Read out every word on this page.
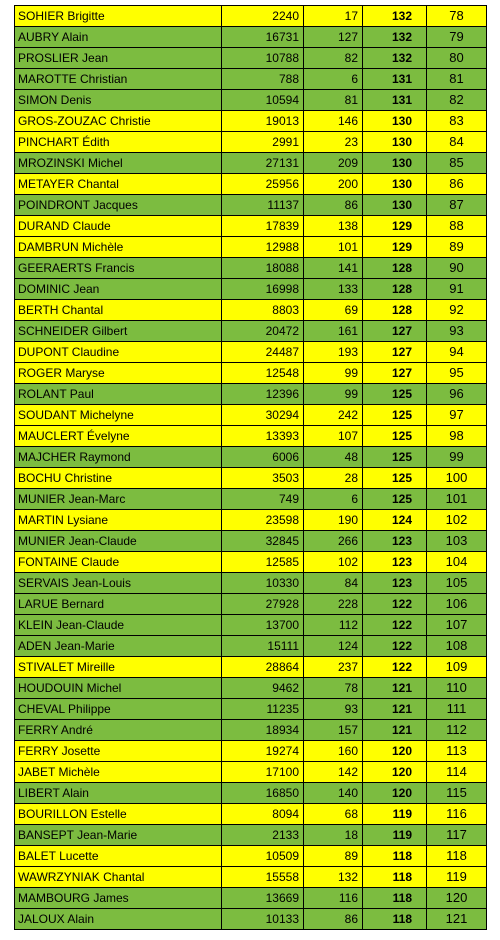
SOHIER Brigitte	2240	17	132	78
AUBRY Alain	16731	127	132	79
PROSLIER Jean	10788	82	132	80
MAROTTE Christian	788	6	131	81
SIMON Denis	10594	81	131	82
GROS-ZOUZAC Christie	19013	146	130	83
PINCHART Édith	2991	23	130	84
MROZINSKI Michel	27131	209	130	85
METAYER Chantal	25956	200	130	86
POINDRONT Jacques	11137	86	130	87
DURAND Claude	17839	138	129	88
DAMBRUN Michèle	12988	101	129	89
GEERAERTS Francis	18088	141	128	90
DOMINIC Jean	16998	133	128	91
BERTH Chantal	8803	69	128	92
SCHNEIDER Gilbert	20472	161	127	93
DUPONT Claudine	24487	193	127	94
ROGER Maryse	12548	99	127	95
ROLANT Paul	12396	99	125	96
SOUDANT Michelyne	30294	242	125	97
MAUCLERT Évelyne	13393	107	125	98
MAJCHER Raymond	6006	48	125	99
BOCHU Christine	3503	28	125	100
MUNIER Jean-Marc	749	6	125	101
MARTIN Lysiane	23598	190	124	102
MUNIER Jean-Claude	32845	266	123	103
FONTAINE Claude	12585	102	123	104
SERVAIS Jean-Louis	10330	84	123	105
LARUE Bernard	27928	228	122	106
KLEIN Jean-Claude	13700	112	122	107
ADEN Jean-Marie	15111	124	122	108
STIVALET Mireille	28864	237	122	109
HOUDOUIN Michel	9462	78	121	110
CHEVAL Philippe	11235	93	121	111
FERRY André	18934	157	121	112
FERRY Josette	19274	160	120	113
JABET Michèle	17100	142	120	114
LIBERT Alain	16850	140	120	115
BOURILLON Estelle	8094	68	119	116
BANSEPT Jean-Marie	2133	18	119	117
BALET Lucette	10509	89	118	118
WAWRZYNIAK Chantal	15558	132	118	119
MAMBOURG James	13669	116	118	120
JALOUX Alain	10133	86	118	121
